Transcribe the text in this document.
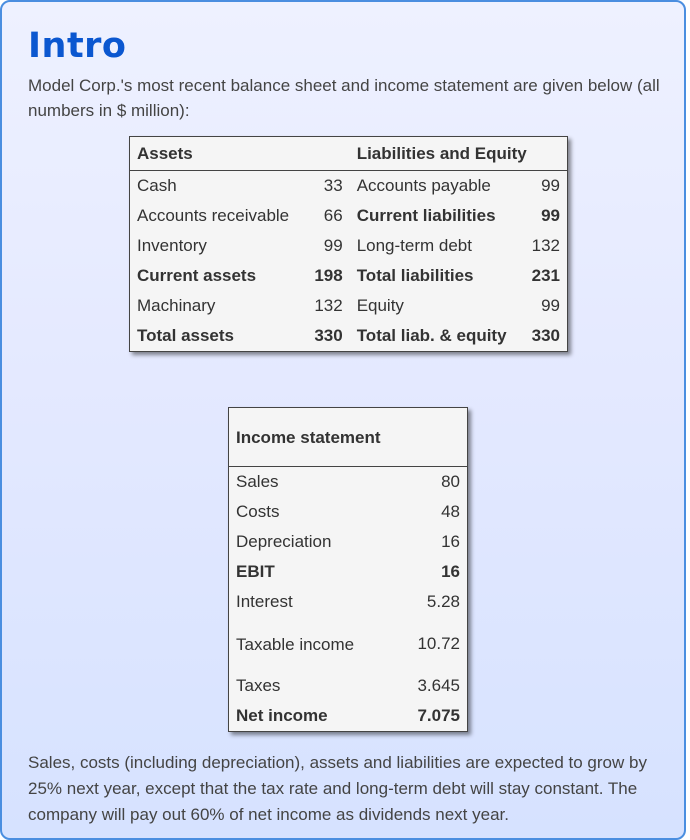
Intro

Model Corp.'s most recent balance sheet and income statement are given below (all numbers in $ million):

Assets		Liabilities and Equity	
Cash	33	Accounts payable	99
Accounts receivable	66	Current liabilities	99
Inventory	99	Long-term debt	132
Current assets	198	Total liabilities	231
Machinary	132	Equity	99
Total assets	330	Total liab. & equity	330
Income statement	
Sales	80
Costs	48
Depreciation	16
EBIT	16
Interest	5.28
Taxable income	10.72
Taxes	3.645
Net income	7.075

Sales, costs (including depreciation), assets and liabilities are expected to grow by 25% next year, except that the tax rate and long-term debt will stay constant. The company will pay out 60% of net income as dividends next year.
